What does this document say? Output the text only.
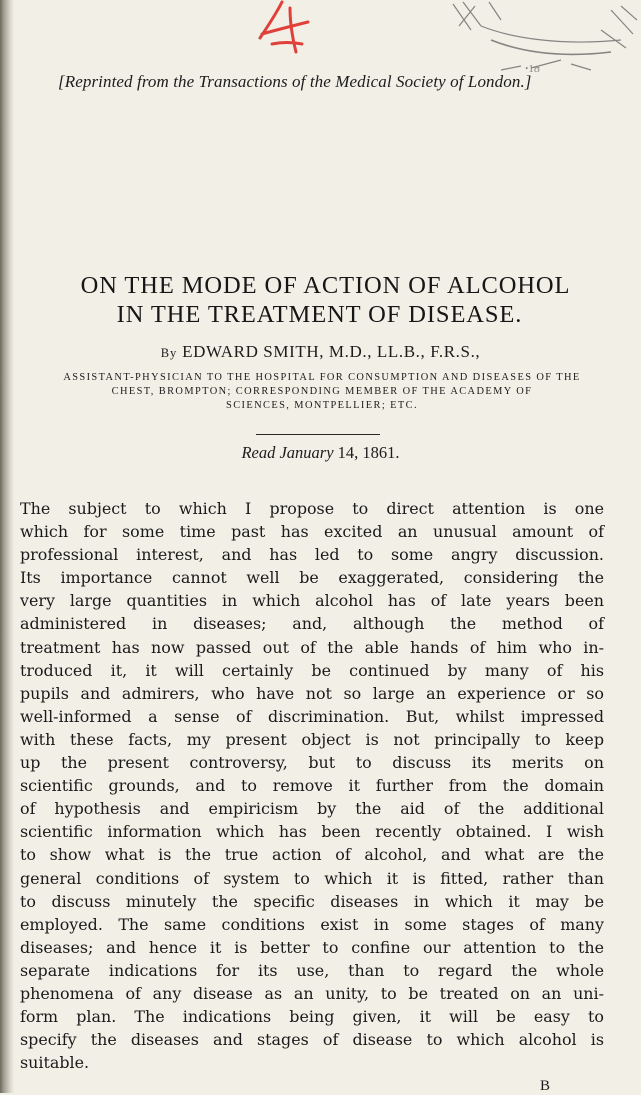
ꞏ1ʊ
[Reprinted from the Transactions of the Medical Society of London.]
ON THE MODE OF ACTION OF ALCOHOL
IN THE TREATMENT OF DISEASE.
By EDWARD SMITH, M.D., LL.B., F.R.S.,
ASSISTANT-PHYSICIAN TO THE HOSPITAL FOR CONSUMPTION AND DISEASES OF THE
CHEST, BROMPTON; CORRESPONDING MEMBER OF THE ACADEMY OF
SCIENCES, MONTPELLIER; ETC.
Read January 14, 1861.
The subject to which I propose to direct attention is one
which for some time past has excited an unusual amount of
professional interest, and has led to some angry discussion.
Its importance cannot well be exaggerated, considering the
very large quantities in which alcohol has of late years been
administered in diseases; and, although the method of
treatment has now passed out of the able hands of him who in-
troduced it, it will certainly be continued by many of his
pupils and admirers, who have not so large an experience or so
well-informed a sense of discrimination. But, whilst impressed
with these facts, my present object is not principally to keep
up the present controversy, but to discuss its merits on
scientific grounds, and to remove it further from the domain
of hypothesis and empiricism by the aid of the additional
scientific information which has been recently obtained. I wish
to show what is the true action of alcohol, and what are the
general conditions of system to which it is fitted, rather than
to discuss minutely the specific diseases in which it may be
employed. The same conditions exist in some stages of many
diseases; and hence it is better to confine our attention to the
separate indications for its use, than to regard the whole
phenomena of any disease as an unity, to be treated on an uni-
form plan. The indications being given, it will be easy to
specify the diseases and stages of disease to which alcohol is
suitable.
B
